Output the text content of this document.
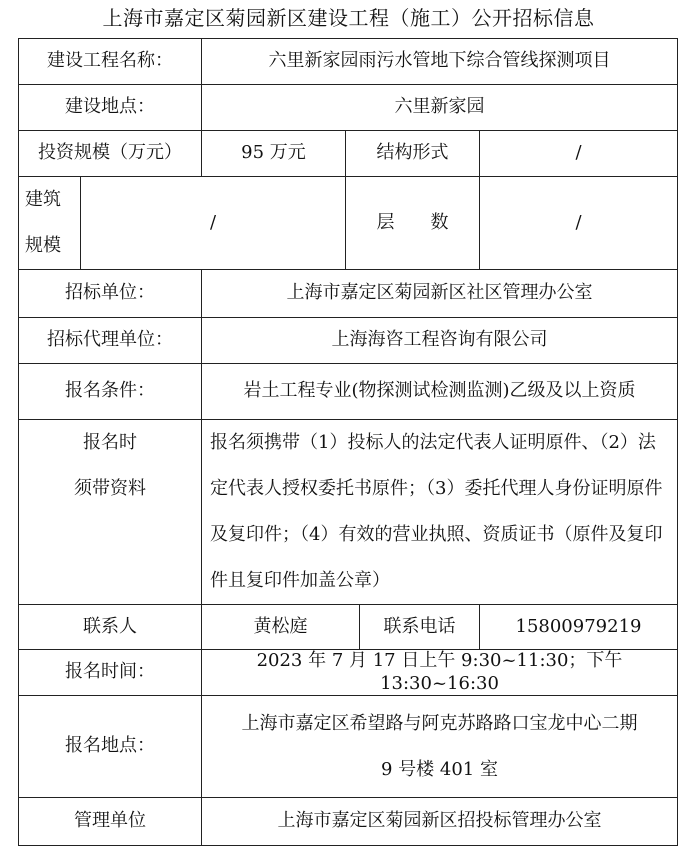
上海市嘉定区菊园新区建设工程（施工）公开招标信息
建设工程名称：		六里新家园雨污水管地下综合管线探测项目			
建设地点：		六里新家园			
投资规模（万元）		95 万元	结构形式		/

建筑
规模	/		层　　数		/
招标单位：		上海市嘉定区菊园新区社区管理办公室			
招标代理单位：		上海海咨工程咨询有限公司			
报名条件：		岩土工程专业(物探测试检测监测)乙级及以上资质			

报名时
须带资料		报名须携带（1）投标人的法定代表人证明原件、（2）法定代表人授权委托书原件；（3）委托代理人身份证明原件及复印件；（4）有效的营业执照、资质证书（原件及复印件且复印件加盖公章）			
联系人		黄松庭		联系电话	15800979219
报名时间：		2023 年 7 月 17 日上午 9:30~11:30；下午 13:30~16:30			
报名地点：		上海市嘉定区希望路与阿克苏路路口宝龙中心二期
9 号楼 401 室			

管理单位		上海市嘉定区菊园新区招投标管理办公室			
